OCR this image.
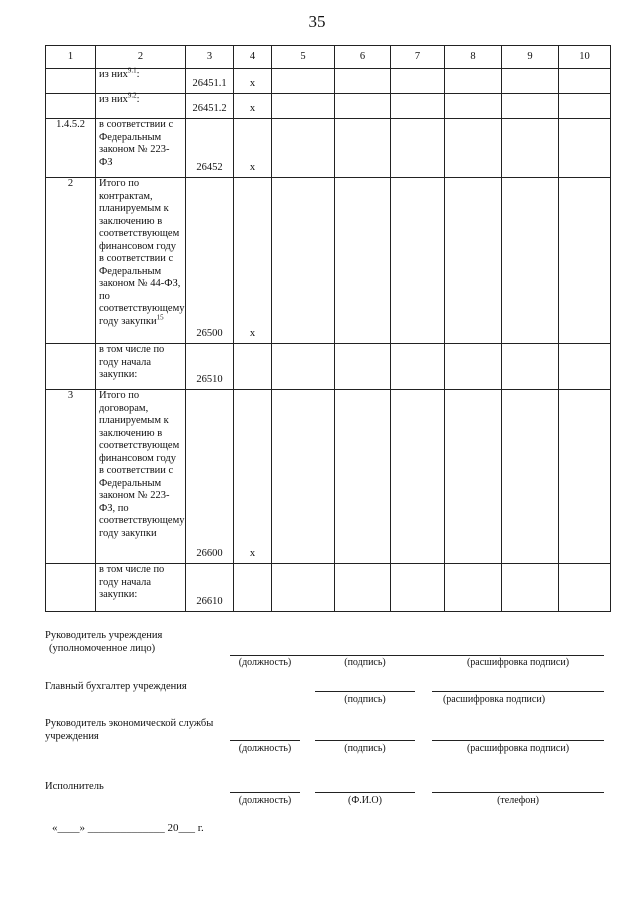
35
1	2	3	4	5	6	7	8	9	10
	из них$^{9.1}$:	26451.1	x						
	из них$^{9.2}$:	26451.2	x						
1.4.5.2	в соответствии с Федеральным законом № 223-ФЗ	26452	x						
2	Итого по контрактам, планируемым к заключению в соответствующем финансовом году в соответствии с Федеральным законом № 44-ФЗ, по соответствующему году закупки$^{15}$	26500	x						
	в том числе по году начала закупки:	26510							
3	Итого по договорам, планируемым к заключению в соответствующем финансовом году в соответствии с Федеральным законом № 223-ФЗ, по соответствующему году закупки	26600	x						
	в том числе по году начала закупки:	26610							
Руководитель учреждения
(уполномоченное лицо)
(должность)	(подпись)	(расшифровка подписи)
Главный бухгалтер учреждения
(подпись)	(расшифровка подписи)
Руководитель экономической службы
учреждения
(должность)	(подпись)	(расшифровка подписи)
Исполнитель
(должность)	(Ф.И.О)	(телефон)
«____» ______________ 20___ г.
